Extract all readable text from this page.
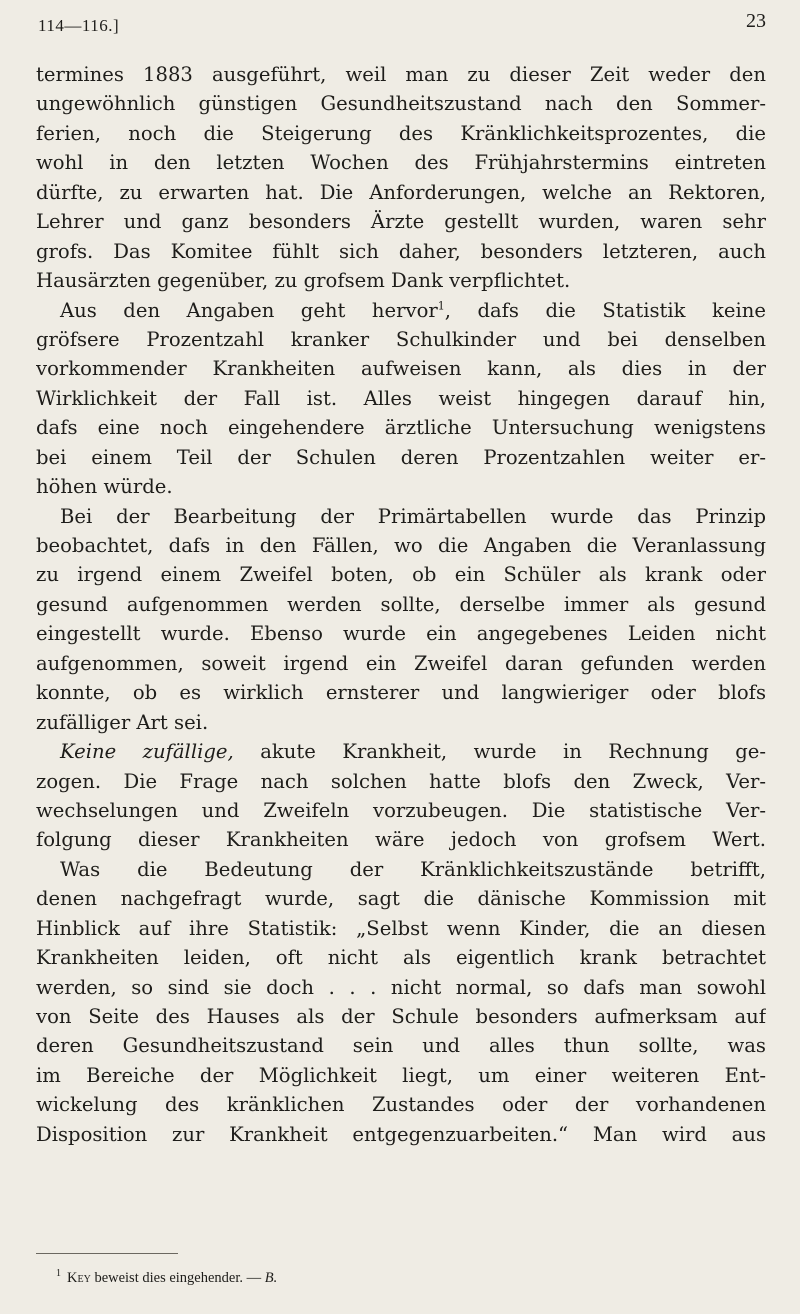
114—116.]	23
termines 1883 ausgeführt, weil man zu dieser Zeit weder den
ungewöhnlich günstigen Gesundheitszustand nach den Sommer-
ferien, noch die Steigerung des Kränklichkeitsprozentes, die
wohl in den letzten Wochen des Frühjahrstermins eintreten
dürfte, zu erwarten hat. Die Anforderungen, welche an Rektoren,
Lehrer und ganz besonders Ärzte gestellt wurden, waren sehr
grofs. Das Komitee fühlt sich daher, besonders letzteren, auch
Hausärzten gegenüber, zu grofsem Dank verpflichtet.
Aus den Angaben geht hervor$^1$, dafs die Statistik keine
gröfsere Prozentzahl kranker Schulkinder und bei denselben
vorkommender Krankheiten aufweisen kann, als dies in der
Wirklichkeit der Fall ist. Alles weist hingegen darauf hin,
dafs eine noch eingehendere ärztliche Untersuchung wenigstens
bei einem Teil der Schulen deren Prozentzahlen weiter er-
höhen würde.
Bei der Bearbeitung der Primärtabellen wurde das Prinzip
beobachtet, dafs in den Fällen, wo die Angaben die Veranlassung
zu irgend einem Zweifel boten, ob ein Schüler als krank oder
gesund aufgenommen werden sollte, derselbe immer als gesund
eingestellt wurde. Ebenso wurde ein angegebenes Leiden nicht
aufgenommen, soweit irgend ein Zweifel daran gefunden werden
konnte, ob es wirklich ernsterer und langwieriger oder blofs
zufälliger Art sei.
Keine zufällige, akute Krankheit, wurde in Rechnung ge-
zogen. Die Frage nach solchen hatte blofs den Zweck, Ver-
wechselungen und Zweifeln vorzubeugen. Die statistische Ver-
folgung dieser Krankheiten wäre jedoch von grofsem Wert.
Was die Bedeutung der Kränklichkeitszustände betrifft,
denen nachgefragt wurde, sagt die dänische Kommission mit
Hinblick auf ihre Statistik: „Selbst wenn Kinder, die an diesen
Krankheiten leiden, oft nicht als eigentlich krank betrachtet
werden, so sind sie doch . . . nicht normal, so dafs man sowohl
von Seite des Hauses als der Schule besonders aufmerksam auf
deren Gesundheitszustand sein und alles thun sollte, was
im Bereiche der Möglichkeit liegt, um einer weiteren Ent-
wickelung des kränklichen Zustandes oder der vorhandenen
Disposition zur Krankheit entgegenzuarbeiten.“ Man wird aus
$^1$ Key beweist dies eingehender. — B.
